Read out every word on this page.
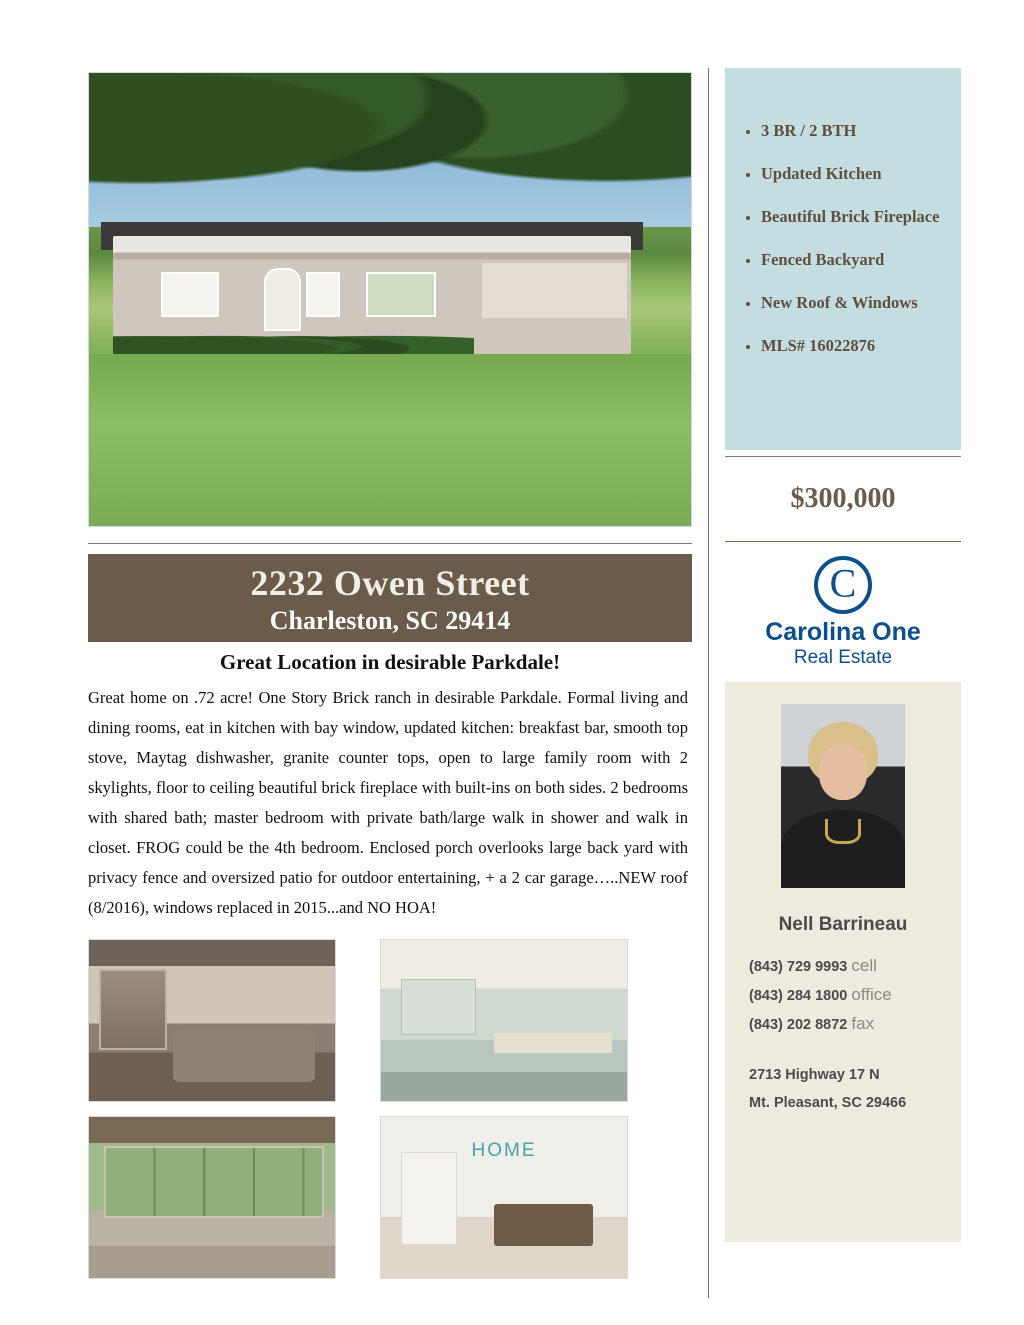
2232 Owen Street
Charleston, SC 29414
Great Location in desirable Parkdale!
Great home on .72 acre! One Story Brick ranch in desirable Parkdale. Formal living and dining rooms, eat in kitchen with bay window, updated kitchen: breakfast bar, smooth top stove, Maytag dishwasher, granite counter tops, open to large family room with 2 skylights, floor to ceiling beautiful brick fireplace with built-ins on both sides. 2 bedrooms with shared bath; master bedroom with private bath/large walk in shower and walk in closet. FROG could be the 4th bedroom. Enclosed porch overlooks large back yard with privacy fence and oversized patio for outdoor entertaining, + a 2 car garage…..NEW roof (8/2016), windows replaced in 2015...and NO HOA!
HOME
• 3 BR / 2 BTH
• Updated Kitchen
• Beautiful Brick Fireplace
• Fenced Backyard
• New Roof & Windows
• MLS# 16022876
$300,000
C
Carolina One
Real Estate
Nell Barrineau
(843) 729 9993 cell
(843) 284 1800 office
(843) 202 8872 fax
2713 Highway 17 N
Mt. Pleasant, SC 29466
